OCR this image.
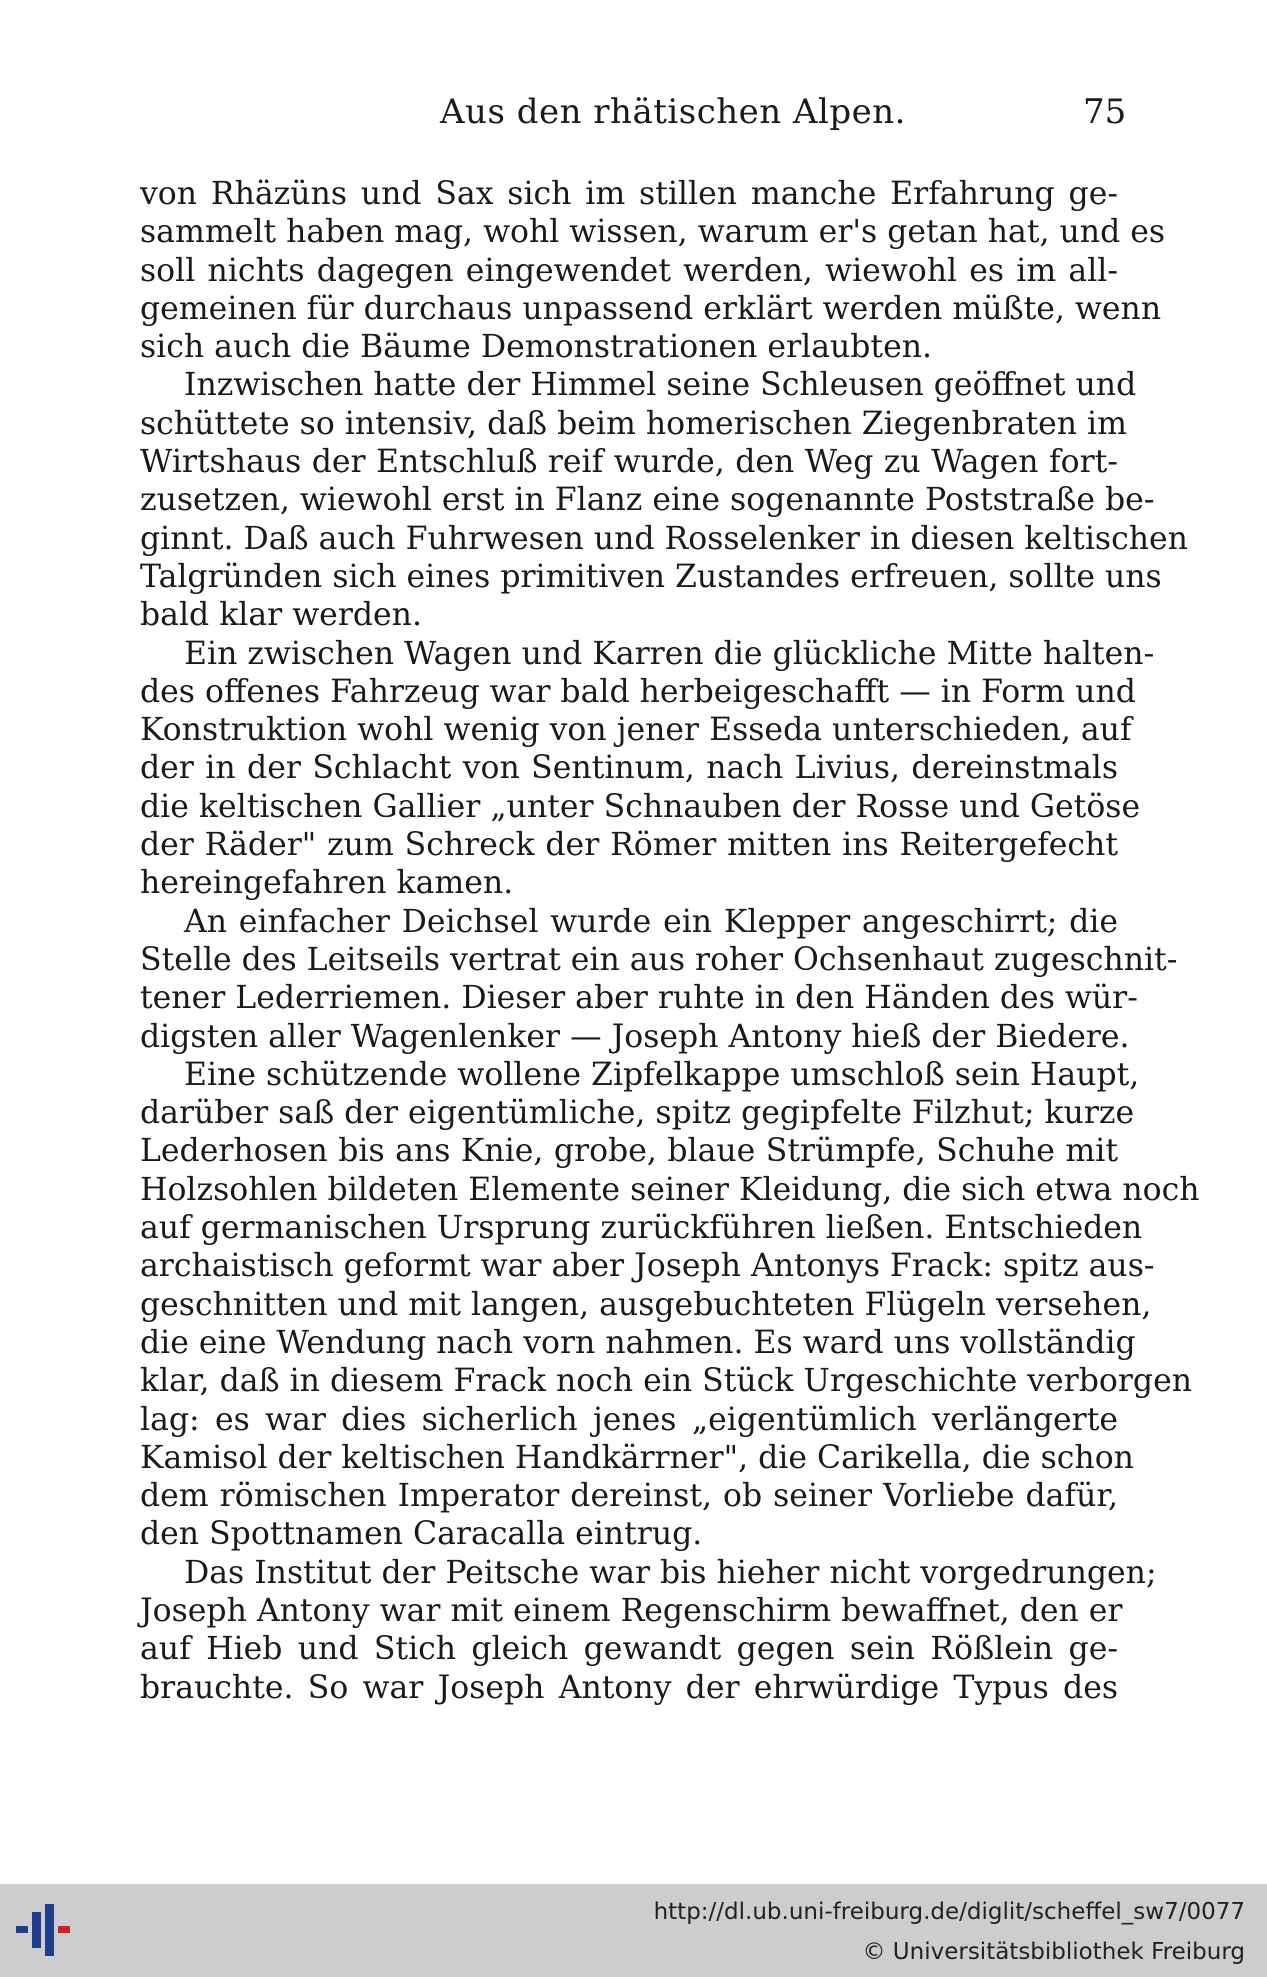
Aus den rhätischen Alpen.	75
von Rhäzüns und Sax sich im stillen manche Erfahrung ge-
sammelt haben mag, wohl wissen, warum er's getan hat, und es
soll nichts dagegen eingewendet werden, wiewohl es im all-
gemeinen für durchaus unpassend erklärt werden müßte, wenn
sich auch die Bäume Demonstrationen erlaubten.
Inzwischen hatte der Himmel seine Schleusen geöffnet und
schüttete so intensiv, daß beim homerischen Ziegenbraten im
Wirtshaus der Entschluß reif wurde, den Weg zu Wagen fort-
zusetzen, wiewohl erst in Flanz eine sogenannte Poststraße be-
ginnt. Daß auch Fuhrwesen und Rosselenker in diesen keltischen
Talgründen sich eines primitiven Zustandes erfreuen, sollte uns
bald klar werden.
Ein zwischen Wagen und Karren die glückliche Mitte halten-
des offenes Fahrzeug war bald herbeigeschafft — in Form und
Konstruktion wohl wenig von jener Esseda unterschieden, auf
der in der Schlacht von Sentinum, nach Livius, dereinstmals
die keltischen Gallier „unter Schnauben der Rosse und Getöse
der Räder" zum Schreck der Römer mitten ins Reitergefecht
hereingefahren kamen.
An einfacher Deichsel wurde ein Klepper angeschirrt; die
Stelle des Leitseils vertrat ein aus roher Ochsenhaut zugeschnit-
tener Lederriemen. Dieser aber ruhte in den Händen des wür-
digsten aller Wagenlenker — Joseph Antony hieß der Biedere.
Eine schützende wollene Zipfelkappe umschloß sein Haupt,
darüber saß der eigentümliche, spitz gegipfelte Filzhut; kurze
Lederhosen bis ans Knie, grobe, blaue Strümpfe, Schuhe mit
Holzsohlen bildeten Elemente seiner Kleidung, die sich etwa noch
auf germanischen Ursprung zurückführen ließen. Entschieden
archaistisch geformt war aber Joseph Antonys Frack: spitz aus-
geschnitten und mit langen, ausgebuchteten Flügeln versehen,
die eine Wendung nach vorn nahmen. Es ward uns vollständig
klar, daß in diesem Frack noch ein Stück Urgeschichte verborgen
lag: es war dies sicherlich jenes „eigentümlich verlängerte
Kamisol der keltischen Handkärrner", die Carikella, die schon
dem römischen Imperator dereinst, ob seiner Vorliebe dafür,
den Spottnamen Caracalla eintrug.
Das Institut der Peitsche war bis hieher nicht vorgedrungen;
Joseph Antony war mit einem Regenschirm bewaffnet, den er
auf Hieb und Stich gleich gewandt gegen sein Rößlein ge-
brauchte. So war Joseph Antony der ehrwürdige Typus des
http://dl.ub.uni-freiburg.de/diglit/scheffel_sw7/0077
© Universitätsbibliothek Freiburg
